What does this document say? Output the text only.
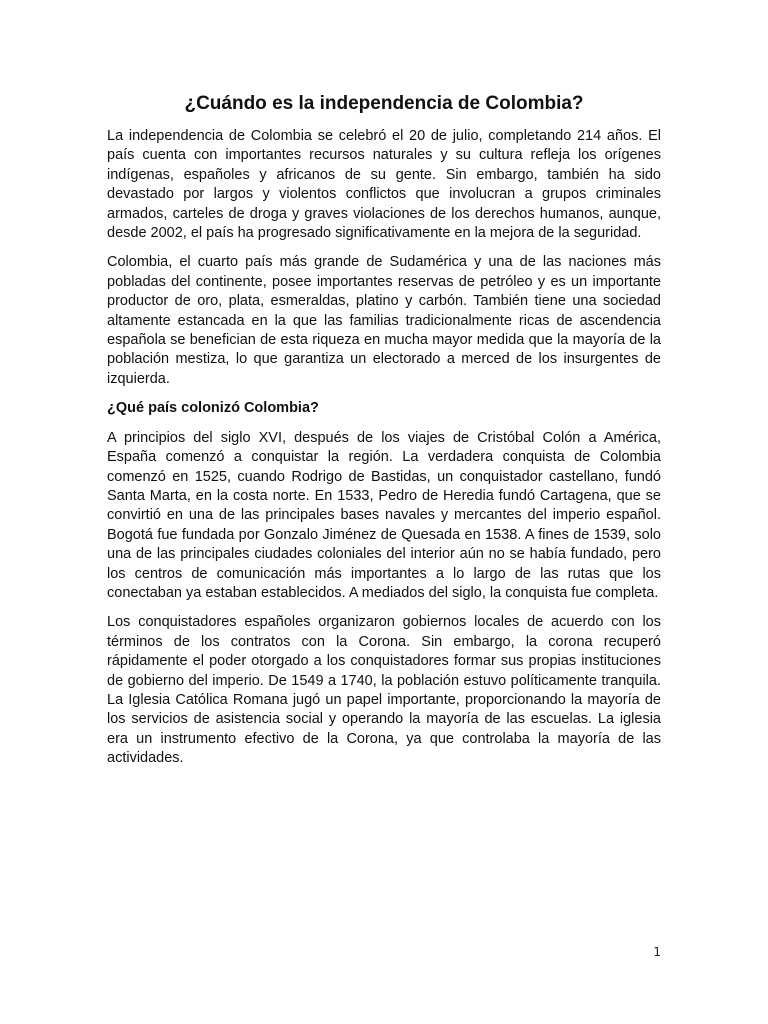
¿Cuándo es la independencia de Colombia?

La independencia de Colombia se celebró el 20 de julio, completando 214 años. El país cuenta con importantes recursos naturales y su cultura refleja los orígenes indígenas, españoles y africanos de su gente. Sin embargo, también ha sido devastado por largos y violentos conflictos que involucran a grupos criminales armados, carteles de droga y graves violaciones de los derechos humanos, aunque, desde 2002, el país ha progresado significativamente en la mejora de la seguridad.

Colombia, el cuarto país más grande de Sudamérica y una de las naciones más pobladas del continente, posee importantes reservas de petróleo y es un importante productor de oro, plata, esmeraldas, platino y carbón. También tiene una sociedad altamente estancada en la que las familias tradicionalmente ricas de ascendencia española se benefician de esta riqueza en mucha mayor medida que la mayoría de la población mestiza, lo que garantiza un electorado a merced de los insurgentes de izquierda.

¿Qué país colonizó Colombia?

A principios del siglo XVI, después de los viajes de Cristóbal Colón a América, España comenzó a conquistar la región. La verdadera conquista de Colombia comenzó en 1525, cuando Rodrigo de Bastidas, un conquistador castellano, fundó Santa Marta, en la costa norte. En 1533, Pedro de Heredia fundó Cartagena, que se convirtió en una de las principales bases navales y mercantes del imperio español. Bogotá fue fundada por Gonzalo Jiménez de Quesada en 1538. A fines de 1539, solo una de las principales ciudades coloniales del interior aún no se había fundado, pero los centros de comunicación más importantes a lo largo de las rutas que los conectaban ya estaban establecidos. A mediados del siglo, la conquista fue completa.

Los conquistadores españoles organizaron gobiernos locales de acuerdo con los términos de los contratos con la Corona. Sin embargo, la corona recuperó rápidamente el poder otorgado a los conquistadores formar sus propias instituciones de gobierno del imperio. De 1549 a 1740, la población estuvo políticamente tranquila. La Iglesia Católica Romana jugó un papel importante, proporcionando la mayoría de los servicios de asistencia social y operando la mayoría de las escuelas. La iglesia era un instrumento efectivo de la Corona, ya que controlaba la mayoría de las actividades.

1
